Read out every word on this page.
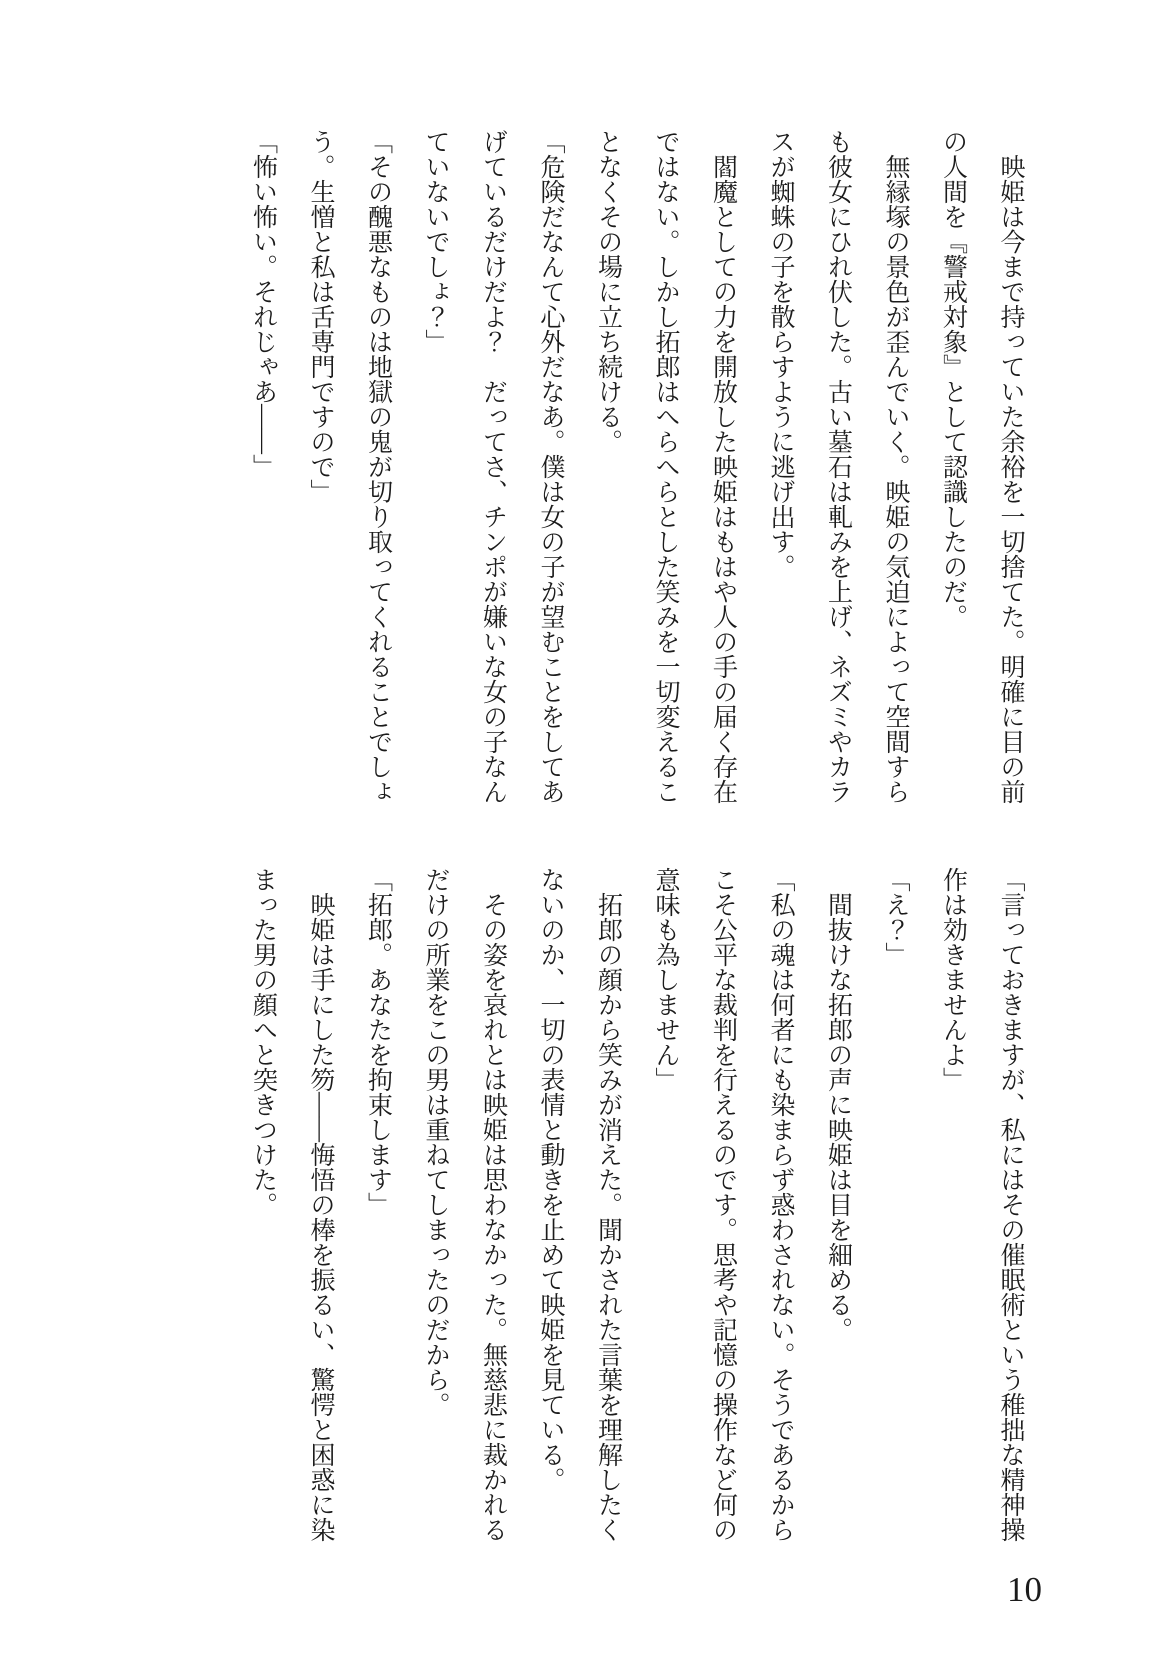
　映姫は今まで持っていた余裕を一切捨てた。明確に目の前の人間を『警戒対象』として認識したのだ。

　無縁塚の景色が歪んでいく。映姫の気迫によって空間すらも彼女にひれ伏した。古い墓石は軋みを上げ、ネズミやカラスが蜘蛛の子を散らすように逃げ出す。

　閻魔としての力を開放した映姫はもはや人の手の届く存在ではない。しかし拓郎はへらへらとした笑みを一切変えることなくその場に立ち続ける。

「危険だなんて心外だなあ。僕は女の子が望むことをしてあげているだけだよ？　だってさ、チンポが嫌いな女の子なんていないでしょ？」

「その醜悪なものは地獄の鬼が切り取ってくれることでしょう。生憎と私は舌専門ですので」

「怖い怖い。それじゃあ――」

「言っておきますが、私にはその催眠術という稚拙な精神操作は効きませんよ」

「え？」

　間抜けな拓郎の声に映姫は目を細める。

「私の魂は何者にも染まらず惑わされない。そうであるからこそ公平な裁判を行えるのです。思考や記憶の操作など何の意味も為しません」

　拓郎の顔から笑みが消えた。聞かされた言葉を理解したくないのか、一切の表情と動きを止めて映姫を見ている。

　その姿を哀れとは映姫は思わなかった。無慈悲に裁かれるだけの所業をこの男は重ねてしまったのだから。

「拓郎。あなたを拘束します」

　映姫は手にした笏――悔悟の棒を振るい、驚愕と困惑に染まった男の顔へと突きつけた。

10
